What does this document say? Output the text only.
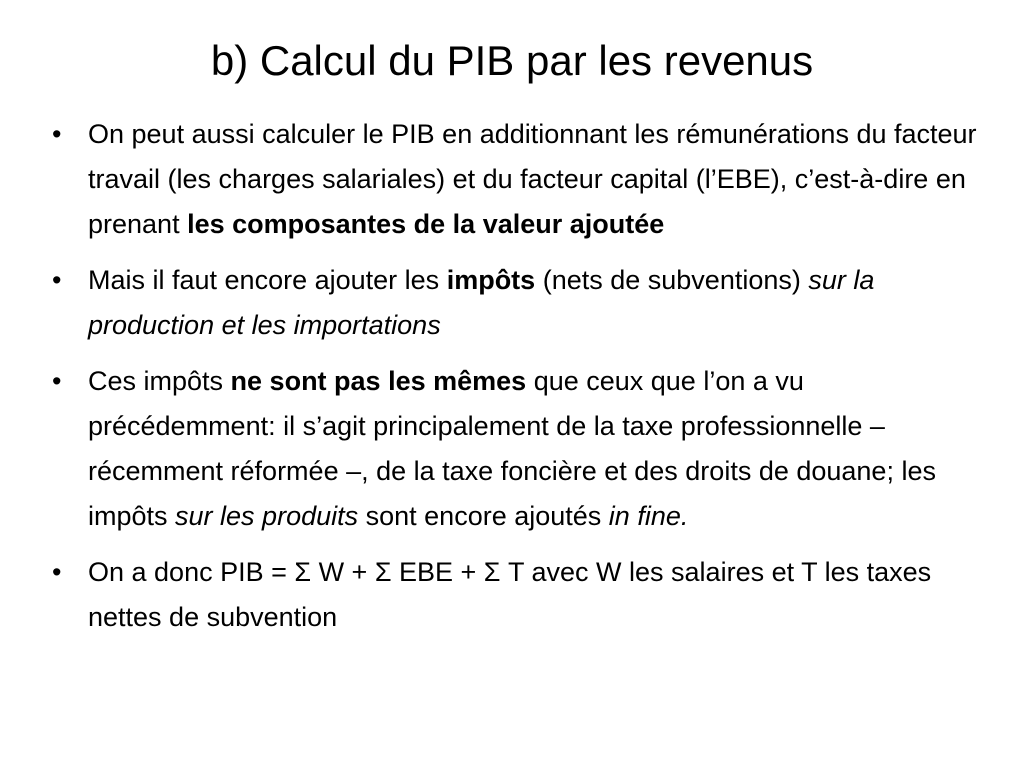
b) Calcul du PIB par les revenus
• On peut aussi calculer le PIB en additionnant les rémunérations du facteur travail (les charges salariales) et du facteur capital (l’EBE), c’est-à-dire en prenant les composantes de la valeur ajoutée
• Mais il faut encore ajouter les impôts (nets de subventions) sur la production et les importations
• Ces impôts ne sont pas les mêmes que ceux que l’on a vu précédemment: il s’agit principalement de la taxe professionnelle – récemment réformée –, de la taxe foncière et des droits de douane; les impôts sur les produits sont encore ajoutés in fine.
• On a donc PIB = Σ W + Σ EBE + Σ T avec W les salaires et T les taxes nettes de subvention
